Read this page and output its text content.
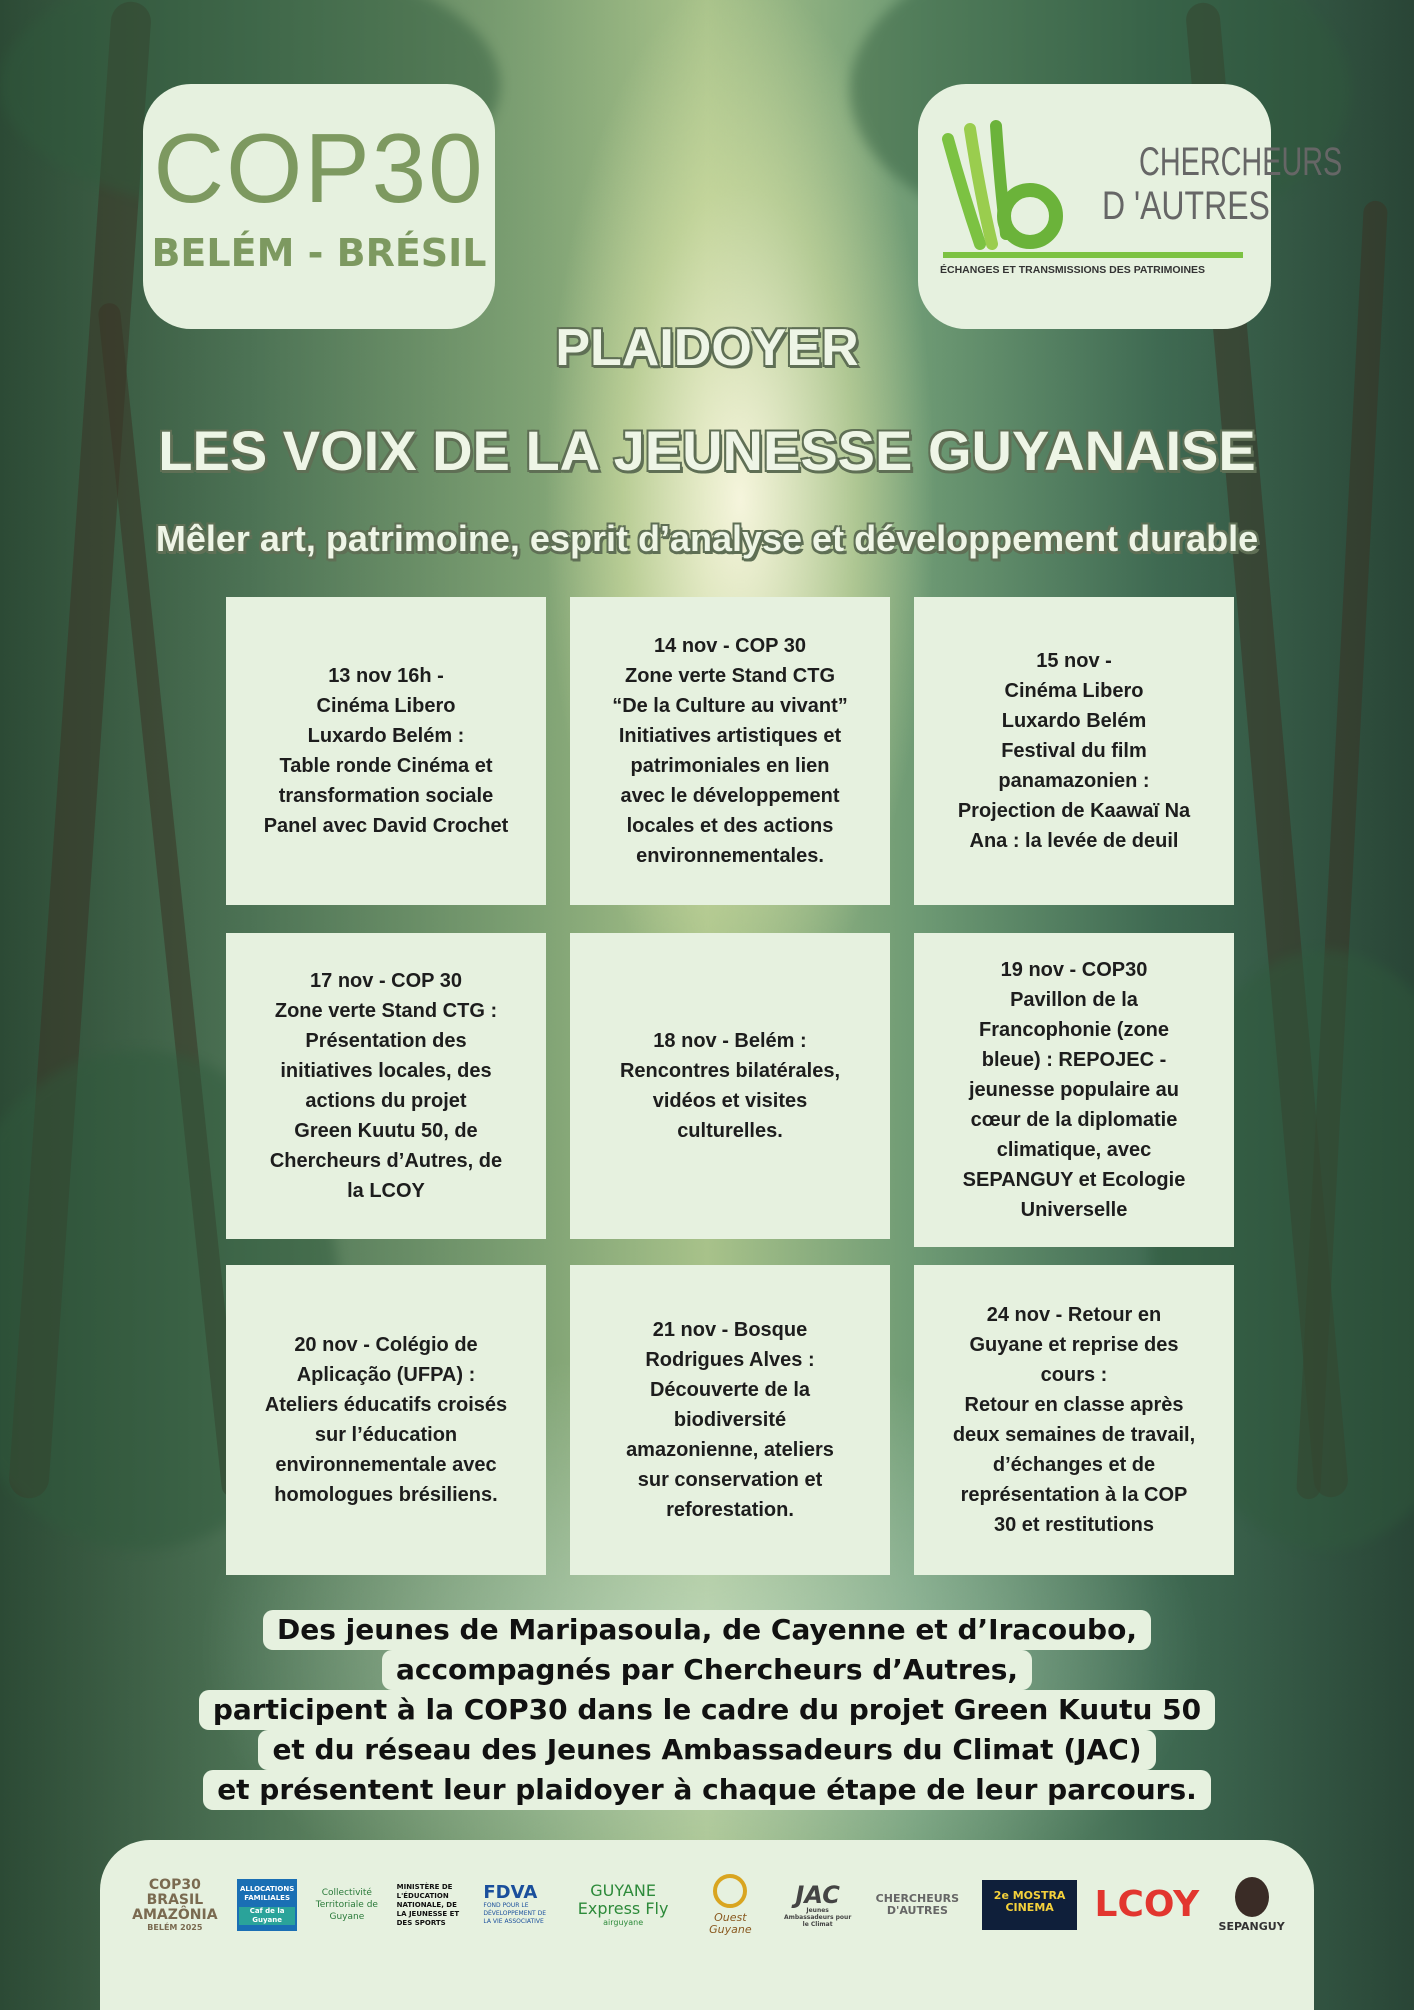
COP30
BELÉM - BRÉSIL
CHERCHEURS
D 'AUTRES
ÉCHANGES ET TRANSMISSIONS DES PATRIMOINES
PLAIDOYER
LES VOIX DE LA JEUNESSE GUYANAISE
Mêler art, patrimoine, esprit d’analyse et développement durable
13 nov 16h -
Cinéma Libero
Luxardo Belém :
Table ronde Cinéma et
transformation sociale
Panel avec David Crochet
14 nov - COP 30
Zone verte Stand CTG
“De la Culture au vivant”
Initiatives artistiques et
patrimoniales en lien
avec le développement
locales et des actions
environnementales.
15 nov -
Cinéma Libero
Luxardo Belém
Festival du film
panamazonien :
Projection de Kaawaï Na
Ana : la levée de deuil
17 nov - COP 30
Zone verte Stand CTG :
Présentation des
initiatives locales, des
actions du projet
Green Kuutu 50, de
Chercheurs d’Autres, de
la LCOY
18 nov - Belém :
Rencontres bilatérales,
vidéos et visites
culturelles.
19 nov - COP30
Pavillon de la
Francophonie (zone
bleue) : REPOJEC -
jeunesse populaire au
cœur de la diplomatie
climatique, avec
SEPANGUY et Ecologie
Universelle
20 nov - Colégio de
Aplicação (UFPA) :
Ateliers éducatifs croisés
sur l’éducation
environnementale avec
homologues brésiliens.
21 nov - Bosque
Rodrigues Alves :
Découverte de la
biodiversité
amazonienne, ateliers
sur conservation et
reforestation.
24 nov - Retour en
Guyane et reprise des
cours :
Retour en classe après
deux semaines de travail,
d’échanges et de
représentation à la COP
30 et restitutions
Des jeunes de Maripasoula, de Cayenne et d’Iracoubo,
accompagnés par Chercheurs d’Autres,
participent à la COP30 dans le cadre du projet Green Kuutu 50
et du réseau des Jeunes Ambassadeurs du Climat (JAC)
et présentent leur plaidoyer à chaque étape de leur parcours.
COP30 BRASIL AMAZÔNIA
BELÉM 2025
ALLOCATIONS FAMILIALES
Caf de la Guyane
Collectivité Territoriale de Guyane
MINISTÈRE DE L'ÉDUCATION NATIONALE, DE LA JEUNESSE ET DES SPORTS
FDVA
FOND POUR LE DÉVELOPPEMENT DE LA VIE ASSOCIATIVE
GUYANE Express Fly
airguyane	Ouest Guyane
JAC
Jeunes Ambassadeurs pour le Climat
CHERCHEURS D'AUTRES
2e MOSTRA CINEMA	LCOY
SEPANGUY
